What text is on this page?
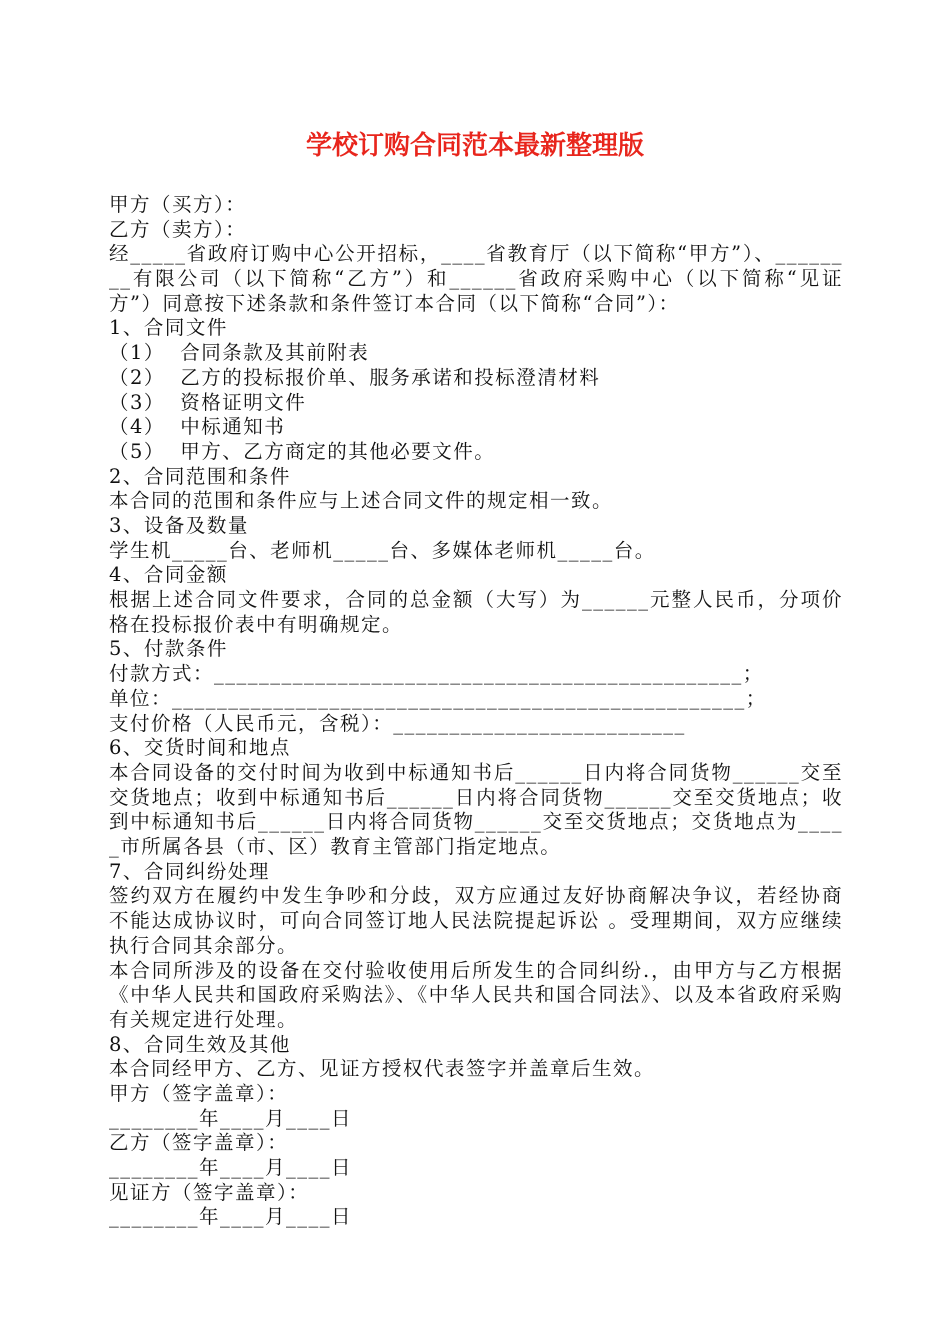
学校订购合同范本最新整理版
甲方（买方）：
乙方（卖方）：
经_____省政府订购中心公开招标，____省教育厅（以下简称“甲方”）、________有限公司（以下简称“乙方”）和______省政府采购中心（以下简称“见证方”）同意按下述条款和条件签订本合同（以下简称“合同”）：
1、合同文件
（1）  合同条款及其前附表
（2）  乙方的投标报价单、服务承诺和投标澄清材料
（3）  资格证明文件
（4）  中标通知书
（5）  甲方、乙方商定的其他必要文件。
2、合同范围和条件
本合同的范围和条件应与上述合同文件的规定相一致。
3、设备及数量
学生机_____台、老师机_____台、多媒体老师机_____台。
4、合同金额
根据上述合同文件要求，合同的总金额（大写）为______元整人民币，分项价格在投标报价表中有明确规定。
5、付款条件
付款方式：_______________________________________________；
单位：___________________________________________________；
支付价格（人民币元，含税）：__________________________
6、交货时间和地点
本合同设备的交付时间为收到中标通知书后______日内将合同货物______交至交货地点；收到中标通知书后______日内将合同货物______交至交货地点；收到中标通知书后______日内将合同货物______交至交货地点；交货地点为_____市所属各县（市、区）教育主管部门指定地点。
7、合同纠纷处理
签约双方在履约中发生争吵和分歧，双方应通过友好协商解决争议，若经协商不能达成协议时，可向合同签订地人民法院提起诉讼 。受理期间，双方应继续执行合同其余部分。
本合同所涉及的设备在交付验收使用后所发生的合同纠纷.，由甲方与乙方根据《中华人民共和国政府采购法》、《中华人民共和国合同法》、以及本省政府采购有关规定进行处理。
8、合同生效及其他
本合同经甲方、乙方、见证方授权代表签字并盖章后生效。
甲方（签字盖章）：
________年____月____日
乙方（签字盖章）：
________年____月____日
见证方（签字盖章）：
________年____月____日
